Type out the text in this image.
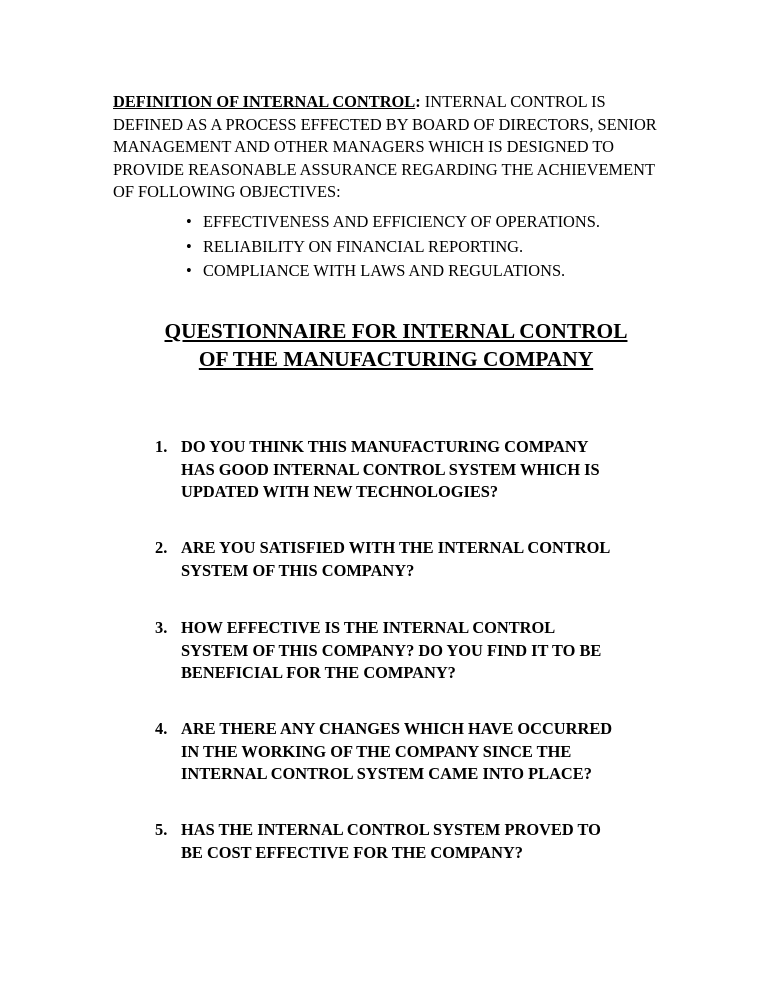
DEFINITION OF INTERNAL CONTROL: INTERNAL CONTROL IS DEFINED AS A PROCESS EFFECTED BY BOARD OF DIRECTORS, SENIOR MANAGEMENT AND OTHER MANAGERS WHICH IS DESIGNED TO PROVIDE REASONABLE ASSURANCE REGARDING THE ACHIEVEMENT OF FOLLOWING OBJECTIVES:

• EFFECTIVENESS AND EFFICIENCY OF OPERATIONS.
• RELIABILITY ON FINANCIAL REPORTING.
• COMPLIANCE WITH LAWS AND REGULATIONS.
QUESTIONNAIRE FOR INTERNAL CONTROL
OF THE MANUFACTURING COMPANY
1. DO YOU THINK THIS MANUFACTURING COMPANY
HAS GOOD INTERNAL CONTROL SYSTEM WHICH IS
UPDATED WITH NEW TECHNOLOGIES?
2. ARE YOU SATISFIED WITH THE INTERNAL CONTROL
SYSTEM OF THIS COMPANY?
3. HOW EFFECTIVE IS THE INTERNAL CONTROL
SYSTEM OF THIS COMPANY? DO YOU FIND IT TO BE
BENEFICIAL FOR THE COMPANY?
4. ARE THERE ANY CHANGES WHICH HAVE OCCURRED
IN THE WORKING OF THE COMPANY SINCE THE
INTERNAL CONTROL SYSTEM CAME INTO PLACE?
5. HAS THE INTERNAL CONTROL SYSTEM PROVED TO
BE COST EFFECTIVE FOR THE COMPANY?
